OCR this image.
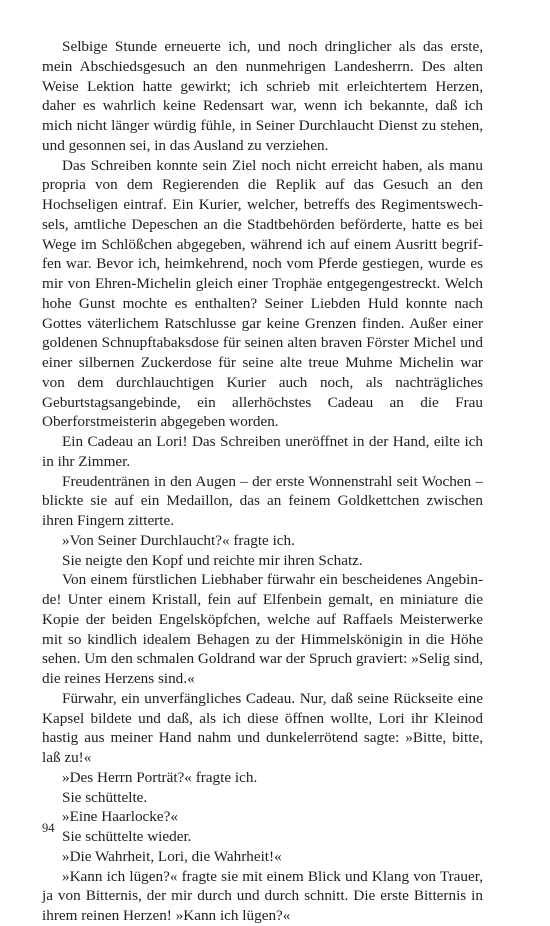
Selbige Stunde erneuerte ich, und noch dringlicher als das erste, mein Abschiedsgesuch an den nunmehrigen Landesherrn. Des alten Weise Lektion hatte gewirkt; ich schrieb mit erleichtertem Herzen, daher es wahrlich keine Redensart war, wenn ich bekannte, daß ich mich nicht länger würdig fühle, in Seiner Durchlaucht Dienst zu stehen, und gesonnen sei, in das Ausland zu verziehen.

Das Schreiben konnte sein Ziel noch nicht erreicht haben, als manu propria von dem Regierenden die Replik auf das Gesuch an den Hochseligen eintraf. Ein Kurier, welcher, betreffs des Regimentswechsels, amtliche Depeschen an die Stadtbehörden beförderte, hatte es bei Wege im Schlößchen abgegeben, während ich auf einem Ausritt begriffen war. Bevor ich, heimkehrend, noch vom Pferde gestiegen, wurde es mir von Ehren-Michelin gleich einer Trophäe entgegengestreckt. Welch hohe Gunst mochte es enthalten? Seiner Liebden Huld konnte nach Gottes väterlichem Ratschlusse gar keine Grenzen finden. Außer einer goldenen Schnupftabaksdose für seinen alten braven Förster Michel und einer silbernen Zuckerdose für seine alte treue Muhme Michelin war von dem durchlauchtigen Kurier auch noch, als nachträgliches Geburtstagsangebinde, ein allerhöchstes Cadeau an die Frau Oberforstmeisterin abgegeben worden.

Ein Cadeau an Lori! Das Schreiben uneröffnet in der Hand, eilte ich in ihr Zimmer.

Freudentränen in den Augen – der erste Wonnenstrahl seit Wochen – blickte sie auf ein Medaillon, das an feinem Goldkettchen zwischen ihren Fingern zitterte.

»Von Seiner Durchlaucht?« fragte ich.

Sie neigte den Kopf und reichte mir ihren Schatz.

Von einem fürstlichen Liebhaber fürwahr ein bescheidenes Angebinde! Unter einem Kristall, fein auf Elfenbein gemalt, en miniature die Kopie der beiden Engelsköpfchen, welche auf Raffaels Meisterwerke mit so kindlich idealem Behagen zu der Himmelskönigin in die Höhe sehen. Um den schmalen Goldrand war der Spruch graviert: »Selig sind, die reines Herzens sind.«

Fürwahr, ein unverfängliches Cadeau. Nur, daß seine Rückseite eine Kapsel bildete und daß, als ich diese öffnen wollte, Lori ihr Kleinod hastig aus meiner Hand nahm und dunkelerrötend sagte: »Bitte, bitte, laß zu!«

»Des Herrn Porträt?« fragte ich.

Sie schüttelte.

»Eine Haarlocke?«

Sie schüttelte wieder.

»Die Wahrheit, Lori, die Wahrheit!«

»Kann ich lügen?« fragte sie mit einem Blick und Klang von Trauer, ja von Bitternis, der mir durch und durch schnitt. Die erste Bitternis in ihrem reinen Herzen! »Kann ich lügen?«

94
